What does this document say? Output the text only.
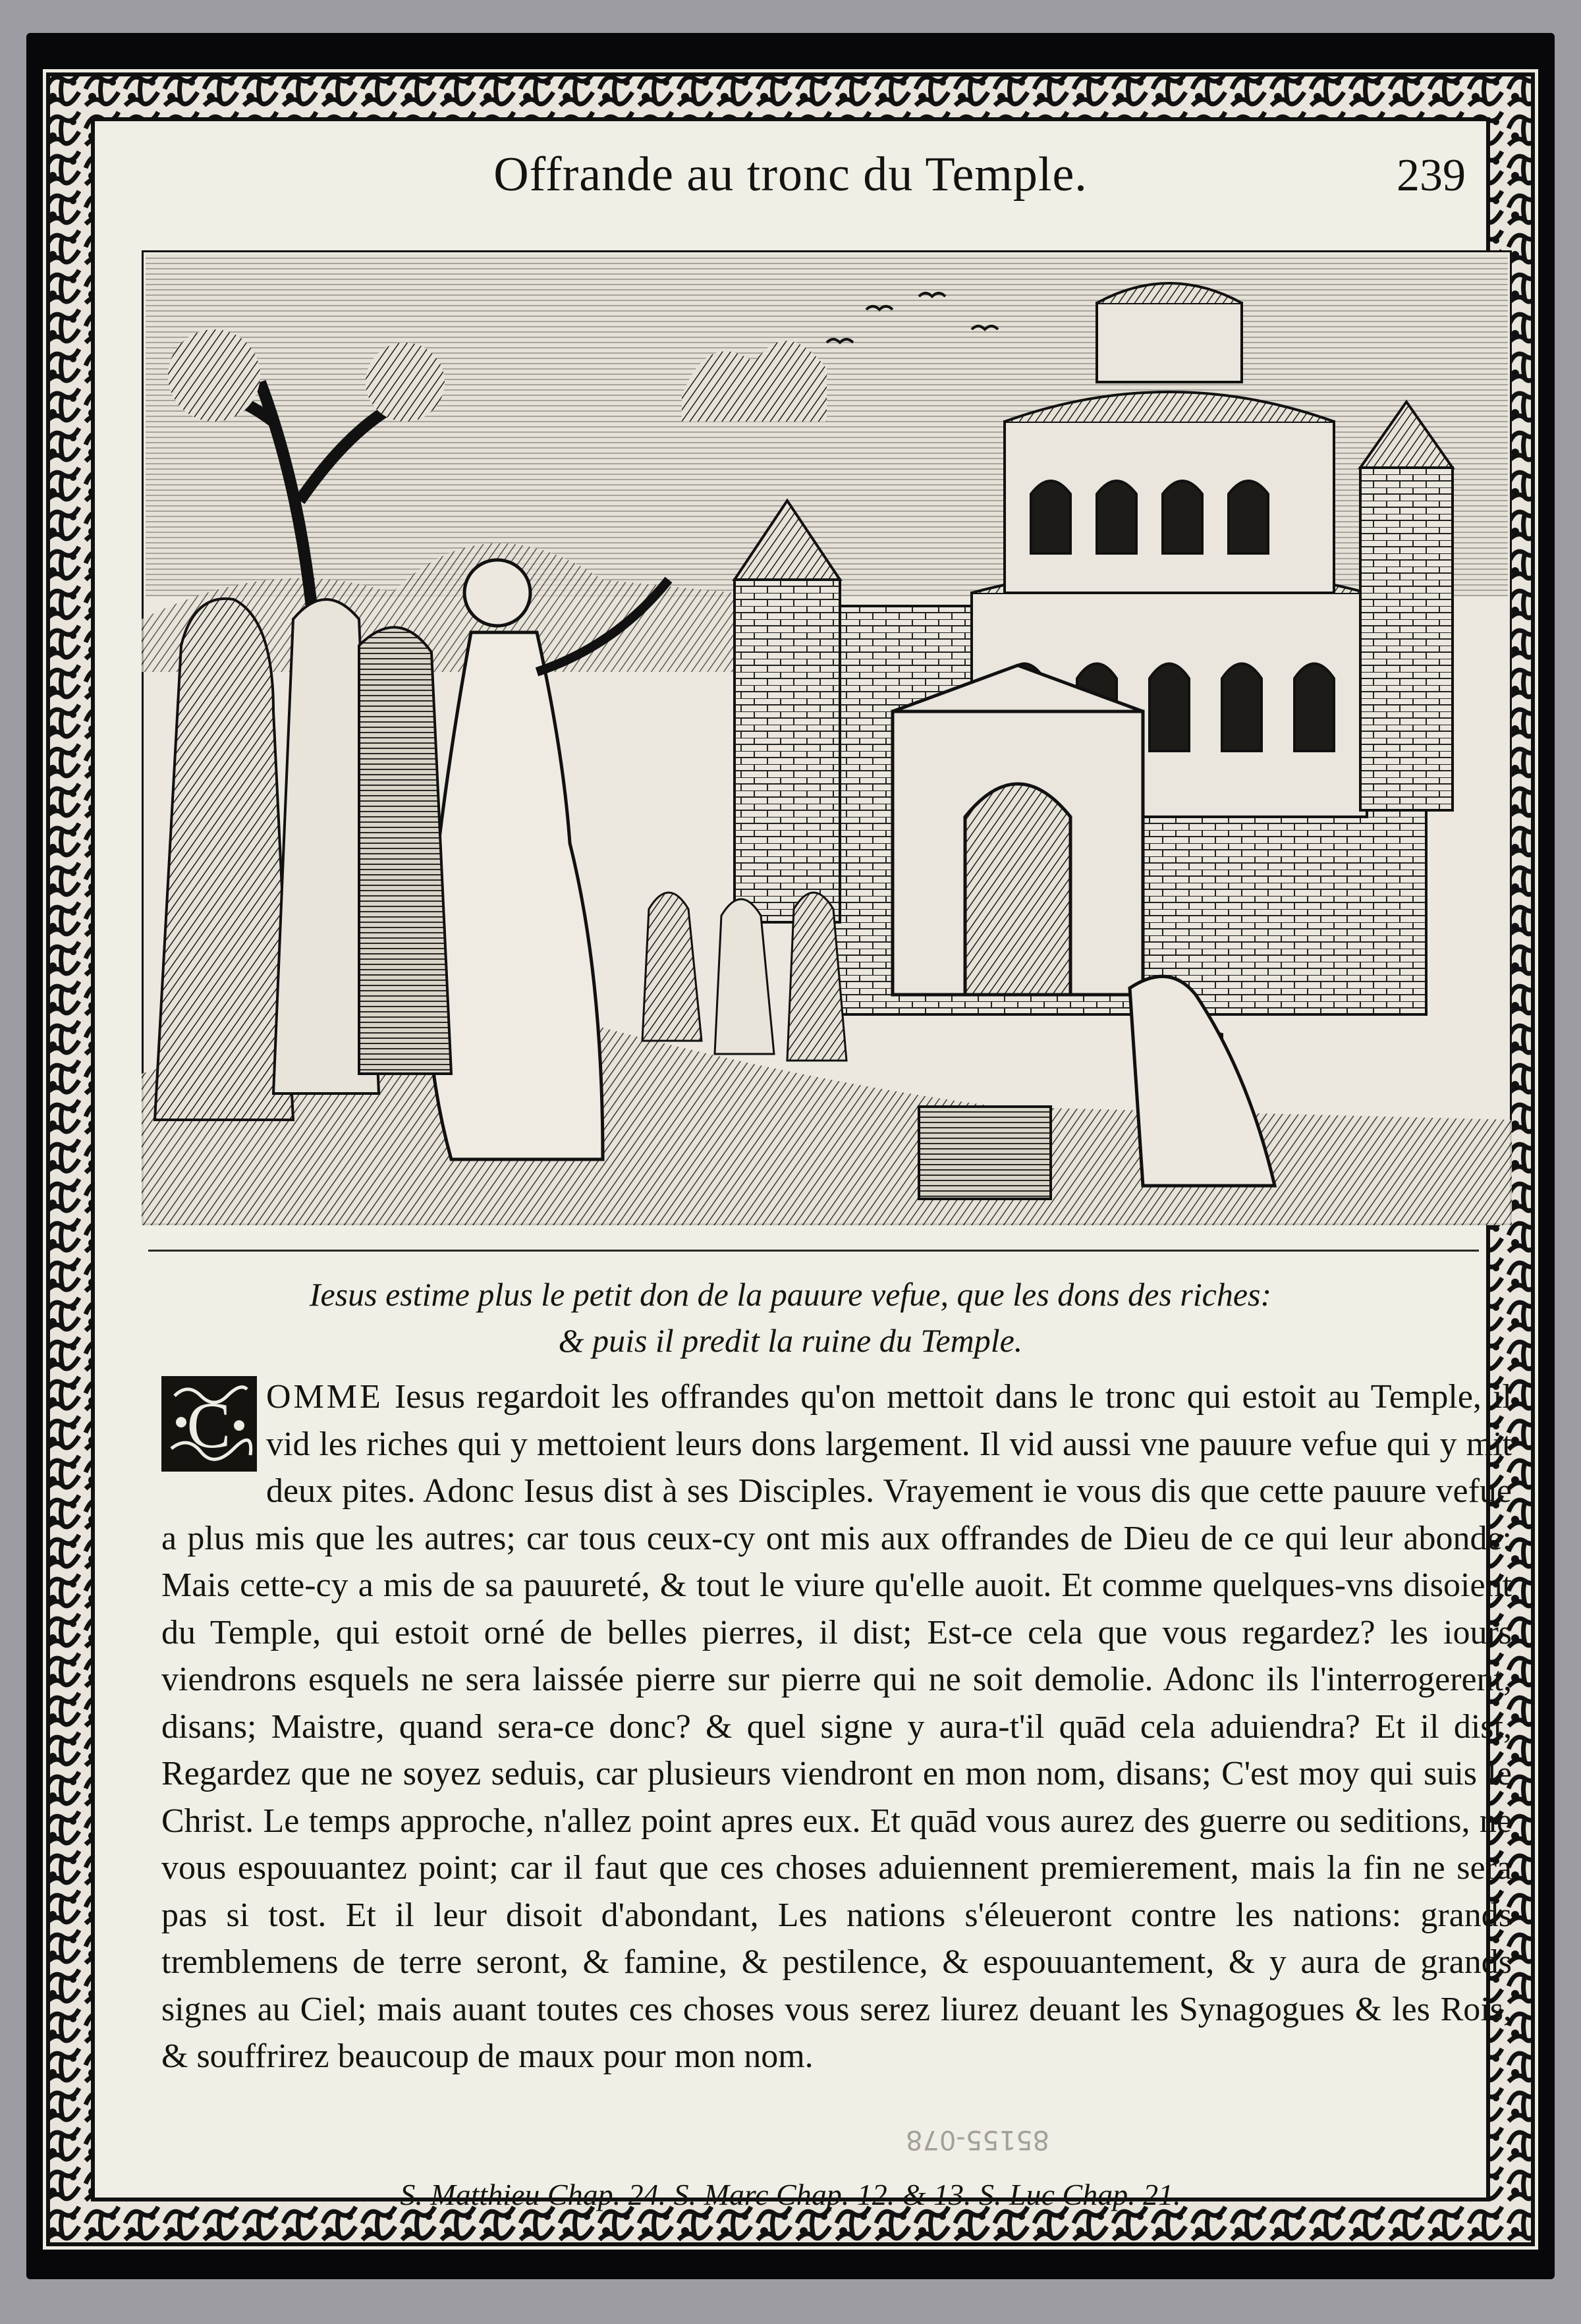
Offrande au tronc du Temple.	239
Iesus estime plus le petit don de la pauure vefue, que les dons des riches:
& puis il predit la ruine du Temple.
C OMME Iesus regardoit les offrandes qu'on mettoit dans le tronc qui estoit au Temple, il vid les riches qui y mettoient leurs dons largement. Il vid aussi vne pauure vefue qui y mit deux pites. Adonc Iesus dist à ses Disciples. Vrayement ie vous dis que cette pauure vefue a plus mis que les autres; car tous ceux-cy ont mis aux offrandes de Dieu de ce qui leur abonde: Mais cette-cy a mis de sa pauureté, & tout le viure qu'elle auoit. Et comme quelques-vns disoient du Temple, qui estoit orné de belles pierres, il dist; Est-ce cela que vous regardez? les iours viendrons esquels ne sera laissée pierre sur pierre qui ne soit demolie. Adonc ils l'interrogerent, disans; Maistre, quand sera-ce donc? & quel signe y aura-t'il quād cela aduiendra? Et il dist, Regardez que ne soyez seduis, car plusieurs viendront en mon nom, disans; C'est moy qui suis le Christ. Le temps approche, n'allez point apres eux. Et quād vous aurez des guerre ou seditions, ne vous espouuantez point; car il faut que ces choses aduiennent premierement, mais la fin ne sera pas si tost. Et il leur disoit d'abondant, Les nations s'éleueront contre les nations: grands tremblemens de terre seront, & famine, & pestilence, & espouuantement, & y aura de grands signes au Ciel; mais auant toutes ces choses vous serez liurez deuant les Synagogues & les Rois, & souffrirez beaucoup de maux pour mon nom.
85155-078
S. Matthieu Chap. 24. S. Marc Chap. 12. & 13. S. Luc Chap. 21.
